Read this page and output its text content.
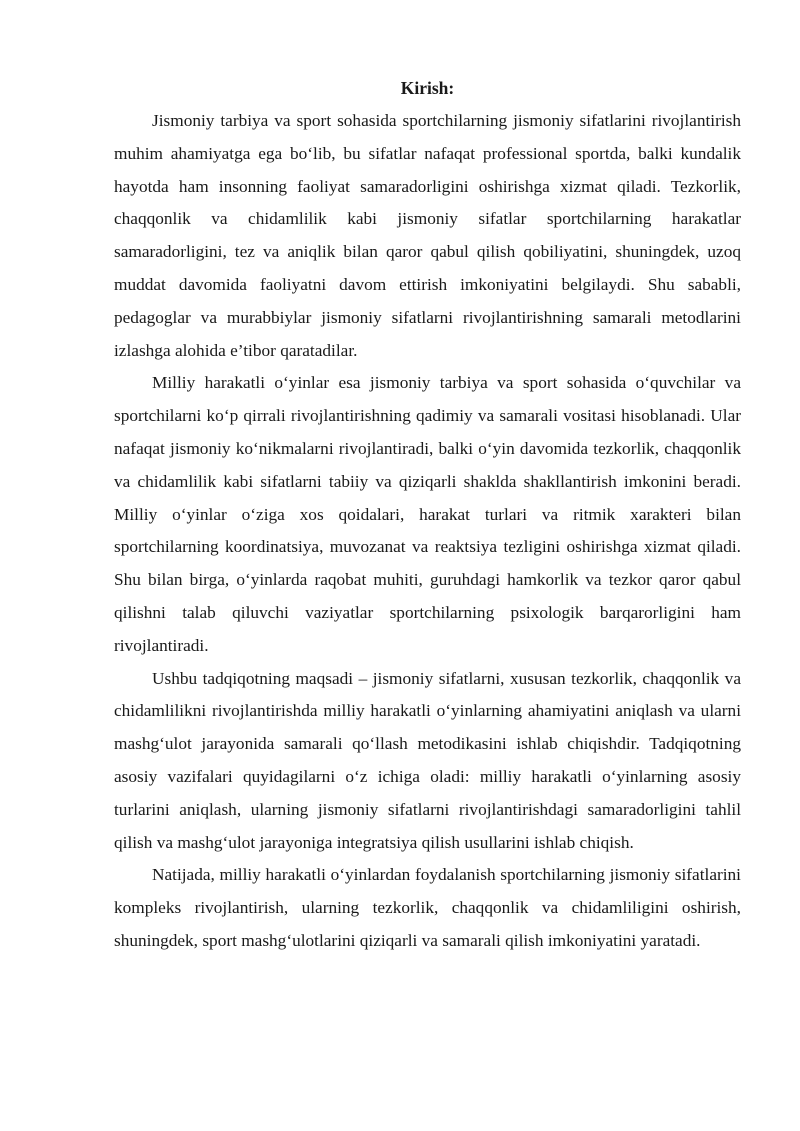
Kirish:

Jismoniy tarbiya va sport sohasida sportchilarning jismoniy sifatlarini rivojlantirish muhim ahamiyatga ega bo‘lib, bu sifatlar nafaqat professional sportda, balki kundalik hayotda ham insonning faoliyat samaradorligini oshirishga xizmat qiladi. Tezkorlik, chaqqonlik va chidamlilik kabi jismoniy sifatlar sportchilarning harakatlar samaradorligini, tez va aniqlik bilan qaror qabul qilish qobiliyatini, shuningdek, uzoq muddat davomida faoliyatni davom ettirish imkoniyatini belgilaydi. Shu sababli, pedagoglar va murabbiylar jismoniy sifatlarni rivojlantirishning samarali metodlarini izlashga alohida e’tibor qaratadilar.

Milliy harakatli o‘yinlar esa jismoniy tarbiya va sport sohasida o‘quvchilar va sportchilarni ko‘p qirrali rivojlantirishning qadimiy va samarali vositasi hisoblanadi. Ular nafaqat jismoniy ko‘nikmalarni rivojlantiradi, balki o‘yin davomida tezkorlik, chaqqonlik va chidamlilik kabi sifatlarni tabiiy va qiziqarli shaklda shakllantirish imkonini beradi. Milliy o‘yinlar o‘ziga xos qoidalari, harakat turlari va ritmik xarakteri bilan sportchilarning koordinatsiya, muvozanat va reaktsiya tezligini oshirishga xizmat qiladi. Shu bilan birga, o‘yinlarda raqobat muhiti, guruhdagi hamkorlik va tezkor qaror qabul qilishni talab qiluvchi vaziyatlar sportchilarning psixologik barqarorligini ham rivojlantiradi.

Ushbu tadqiqotning maqsadi – jismoniy sifatlarni, xususan tezkorlik, chaqqonlik va chidamlilikni rivojlantirishda milliy harakatli o‘yinlarning ahamiyatini aniqlash va ularni mashg‘ulot jarayonida samarali qo‘llash metodikasini ishlab chiqishdir. Tadqiqotning asosiy vazifalari quyidagilarni o‘z ichiga oladi: milliy harakatli o‘yinlarning asosiy turlarini aniqlash, ularning jismoniy sifatlarni rivojlantirishdagi samaradorligini tahlil qilish va mashg‘ulot jarayoniga integratsiya qilish usullarini ishlab chiqish.

Natijada, milliy harakatli o‘yinlardan foydalanish sportchilarning jismoniy sifatlarini kompleks rivojlantirish, ularning tezkorlik, chaqqonlik va chidamliligini oshirish, shuningdek, sport mashg‘ulotlarini qiziqarli va samarali qilish imkoniyatini yaratadi.
